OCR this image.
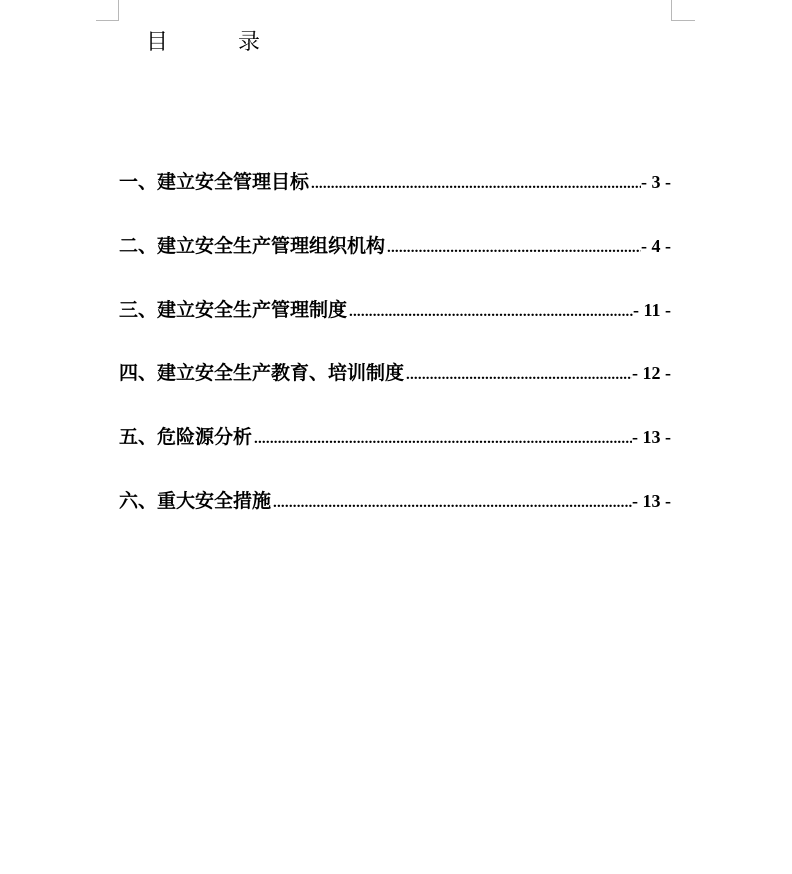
目　录
一、 建立安全管理目标 .....	- 3 -
二、 建立安全生产管理组织机构 .....	- 4 -
三、 建立安全生产管理制度 .....	- 11 -
四、 建立安全生产教育、培训制度 .....	- 12 -
五、 危险源分析 .....	- 13 -
六、 重大安全措施 .....	- 13 -
